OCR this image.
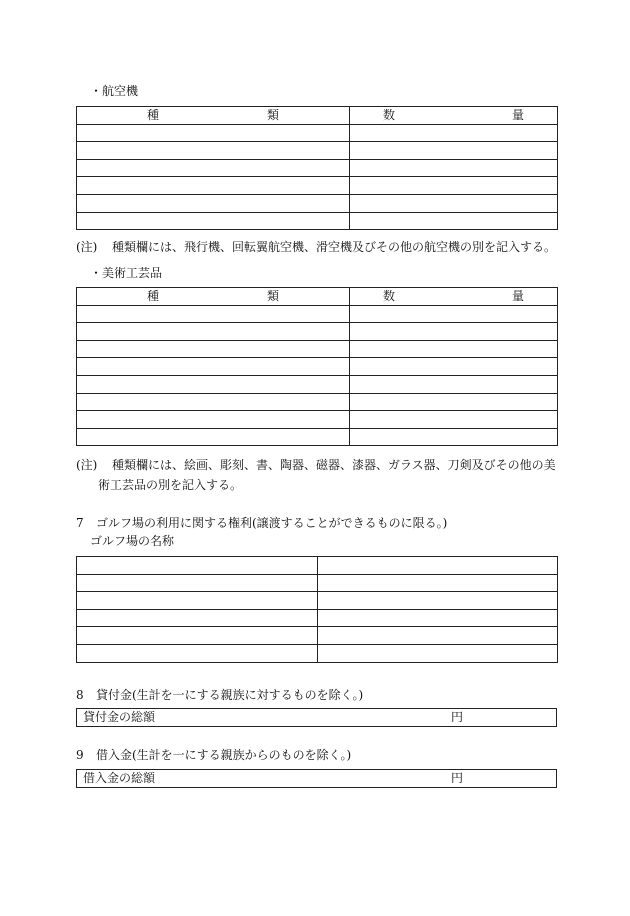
・航空機
種 類	数 量

(注) 種類欄には、飛行機、回転翼航空機、滑空機及びその他の航空機の別を記入する。
・美術工芸品
種 類	数 量

(注) 種類欄には、絵画、彫刻、書、陶器、磁器、漆器、ガラス器、刀剣及びその他の美
術工芸品の別を記入する。
7 ゴルフ場の利用に関する権利(譲渡することができるものに限る。)
ゴルフ場の名称

8 貸付金(生計を一にする親族に対するものを除く。)
貸付金の総額	円
9 借入金(生計を一にする親族からのものを除く。)
借入金の総額	円
